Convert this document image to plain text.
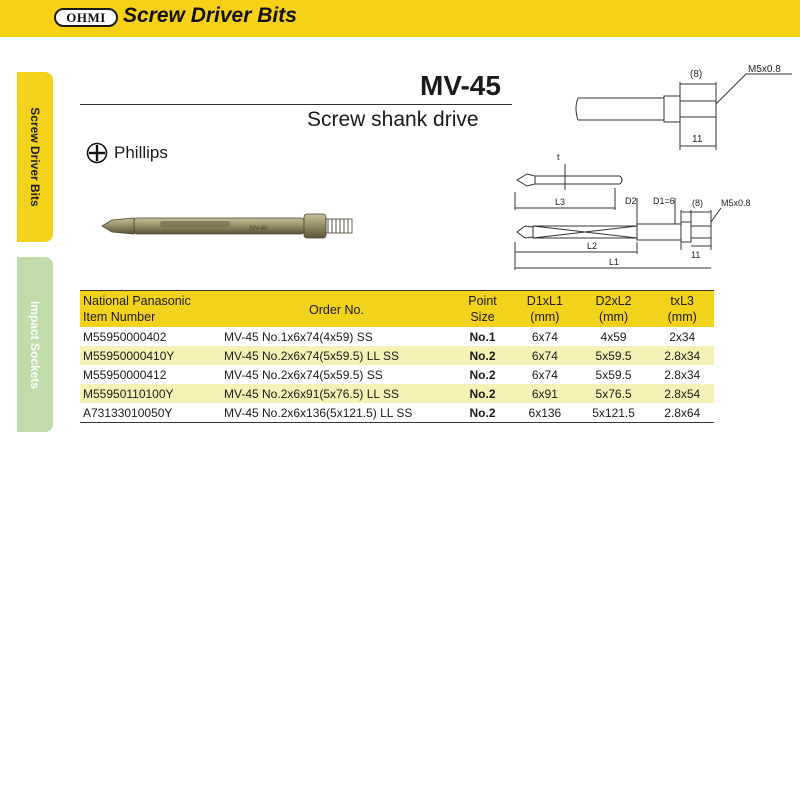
OHMI Screw Driver Bits
Screw Driver Bits
Impact Sockets
MV-45
Screw shank drive
Phillips
MV-45
(8)	M5x0.8
11
t
L3	D2 D1=6 (8) M5x0.8
11
L2
L1
National Panasonic	Order No.	Point	D1xL1	D2xL2	txL3
Item Number		Size	(mm)	(mm)	(mm)
M55950000402	MV-45 No.1x6x74(4x59) SS	No.1	6x74	4x59	2x34
M55950000410Y	MV-45 No.2x6x74(5x59.5) LL SS	No.2	6x74	5x59.5	2.8x34
M55950000412	MV-45 No.2x6x74(5x59.5) SS	No.2	6x74	5x59.5	2.8x34
M55950110100Y	MV-45 No.2x6x91(5x76.5) LL SS	No.2	6x91	5x76.5	2.8x54
A73133010050Y	MV-45 No.2x6x136(5x121.5) LL SS	No.2	6x136	5x121.5	2.8x64
